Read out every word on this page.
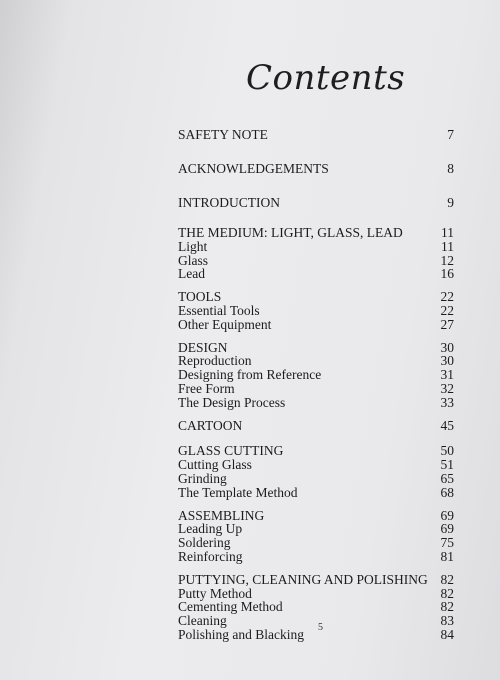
Contents
SAFETY NOTE	7
ACKNOWLEDGEMENTS	8
INTRODUCTION	9
THE MEDIUM: LIGHT, GLASS, LEAD	11
Light	11
Glass	12
Lead	16
TOOLS	22
Essential Tools	22
Other Equipment	27
DESIGN	30
Reproduction	30
Designing from Reference	31
Free Form	32
The Design Process	33
CARTOON	45
GLASS CUTTING	50
Cutting Glass	51
Grinding	65
The Template Method	68
ASSEMBLING	69
Leading Up	69
Soldering	75
Reinforcing	81
PUTTYING, CLEANING AND POLISHING 82
Putty Method	82
Cementing Method	82
Cleaning	83
Polishing and Blacking	84
5
